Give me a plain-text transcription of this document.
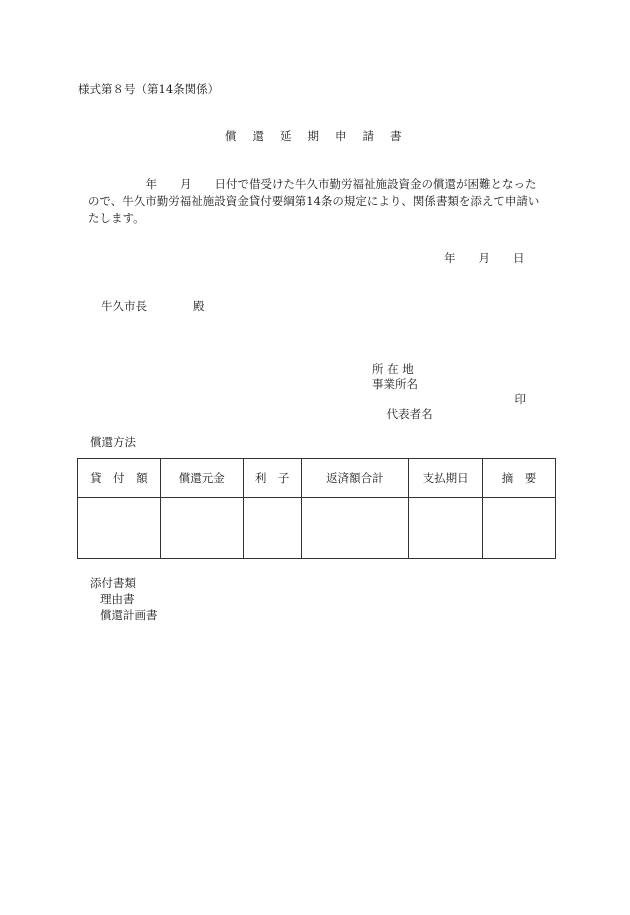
様式第８号（第14条関係）
償 還 延 期 申 請 書
　　　　　年　　月　　日付で借受けた牛久市勤労福祉施設資金の償還が困難となった
ので、牛久市勤労福祉施設資金貸付要綱第14条の規定により、関係書類を添えて申請い
たします。
年　　月　　日
牛久市長　　　　殿
所 在 地
事業所名

代表者名

印

償還方法
貸　付　額	償還元金	利　子	返済額合計	支払期日	摘　要

添付書類
理由書
償還計画書
